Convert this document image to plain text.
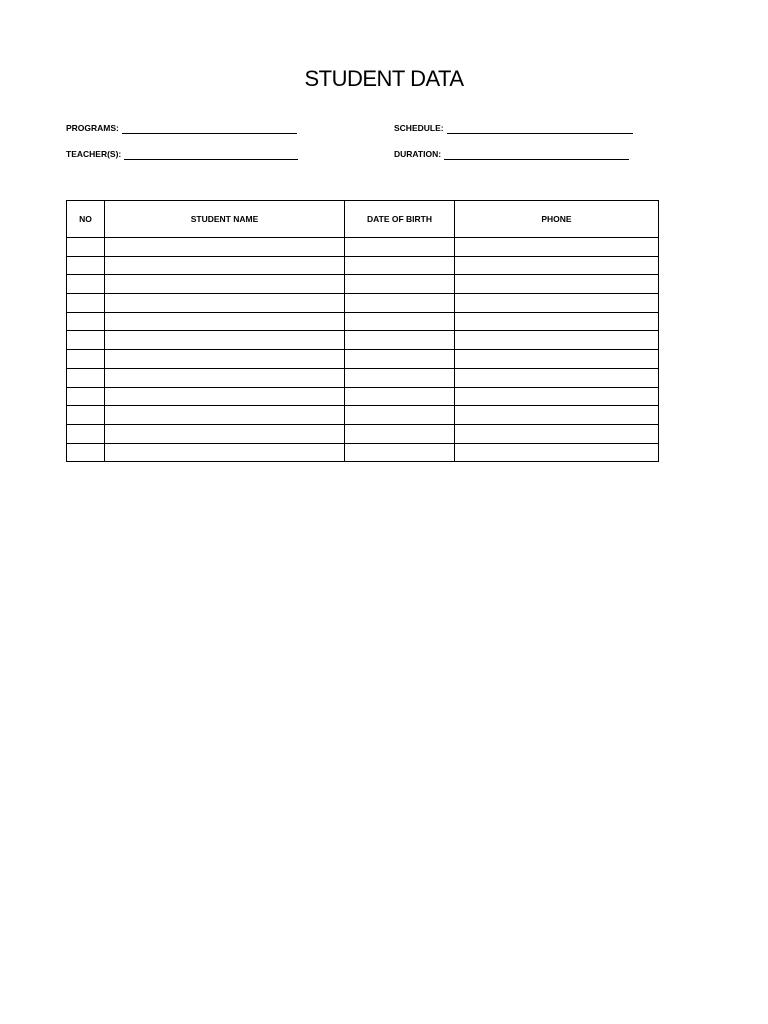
STUDENT DATA
PROGRAMS:	SCHEDULE:
TEACHER(S):	DURATION:
NO	STUDENT NAME	DATE OF BIRTH	PHONE
